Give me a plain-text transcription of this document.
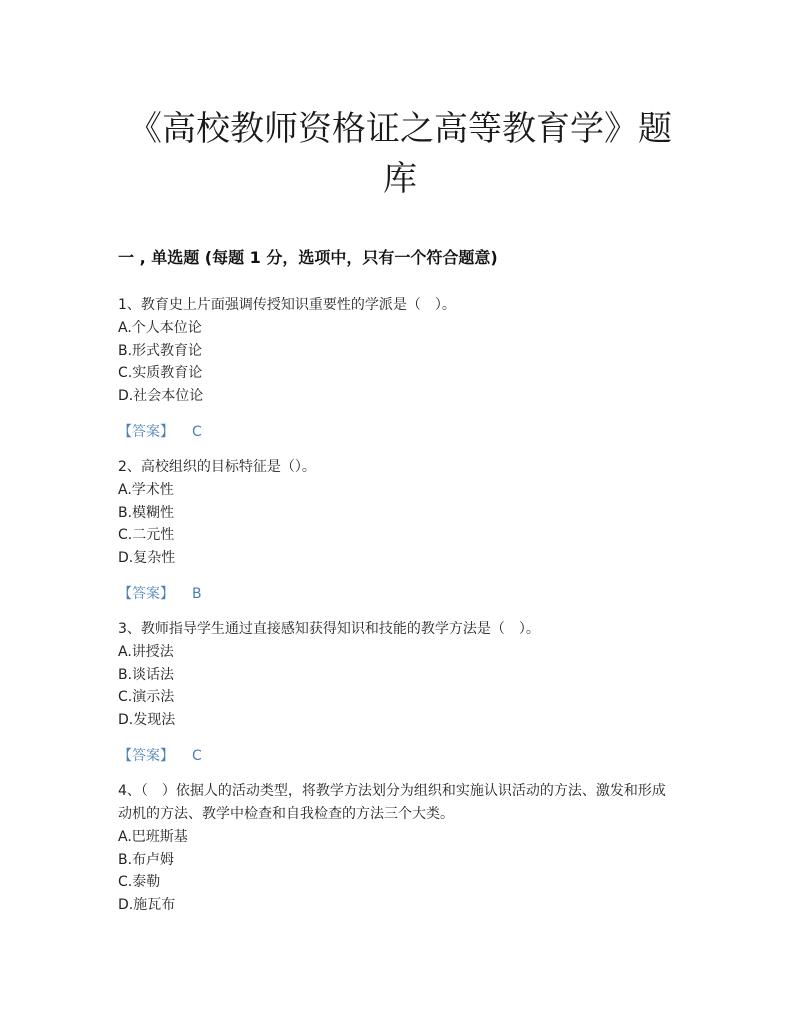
《高校教师资格证之高等教育学》题
库
一 , 单选题 (每题 1 分，选项中，只有一个符合题意)

1、教育史上片面强调传授知识重要性的学派是（　）。

A.个人本位论

B.形式教育论

C.实质教育论

D.社会本位论

【答案】 C

2、高校组织的目标特征是（）。

A.学术性

B.模糊性

C.二元性

D.复杂性

【答案】 B

3、教师指导学生通过直接感知获得知识和技能的教学方法是（　）。

A.讲授法

B.谈话法

C.演示法

D.发现法

【答案】 C

4、（　）依据人的活动类型，将教学方法划分为组织和实施认识活动的方法、激发和形成动机的方法、教学中检查和自我检查的方法三个大类。

A.巴班斯基

B.布卢姆

C.泰勒

D.施瓦布
